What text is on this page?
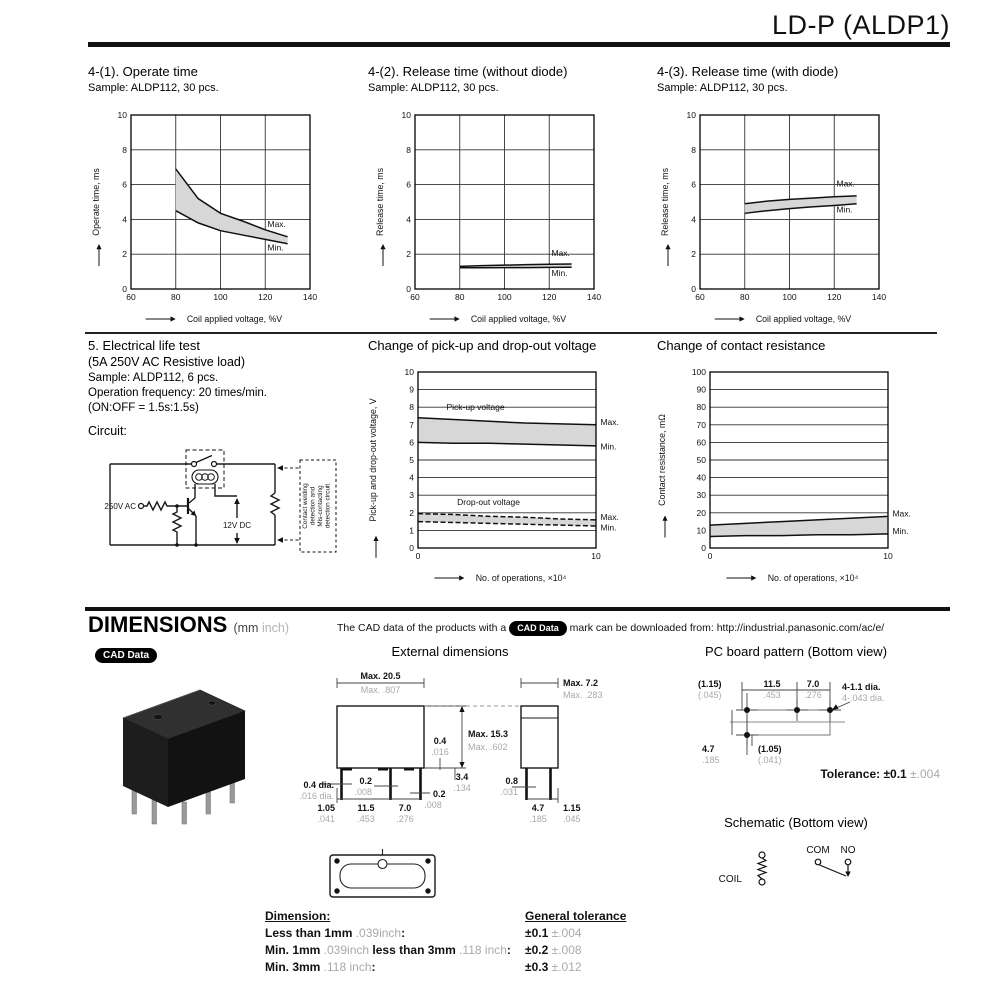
LD-P (ALDP1)
4-(1). Operate time
Sample: ALDP112, 30 pcs.
4-(2). Release time (without diode)
Sample: ALDP112, 30 pcs.
4-(3). Release time (with diode)
Sample: ALDP112, 30 pcs.
60	80	100	120	140
0
2
4
6
8
10
Max.
Min.
Coil applied voltage, %V
Operate time, ms
60	80	100	120	140
0
2
4
6
8
10
Max.
Min.
Coil applied voltage, %V
Release time, ms
60	80	100	120	140
0
2
4
6
8
10
Max.
Min.
Coil applied voltage, %V
Release time, ms
5. Electrical life test
(5A 250V AC Resistive load)
Sample: ALDP112, 6 pcs.
Operation frequency: 20 times/min.
(ON:OFF = 1.5s:1.5s)
Circuit:
250V AC
12V DC	Contact welding detection and Mis-contacting detection circuit
Change of pick-up and drop-out voltage	Change of contact resistance
0	10
0
1
2
3
4
5
6
7
8
9
10
Pick-up voltage
Drop-out voltage
Max.
Min.
Max.
Min.
No. of operations, ×10⁴
Pick-up and drop-out voltage, V
0	10
0
10
20
30
40
50
60
70
80
90
100
Max.
Min.
No. of operations, ×10⁴
Contact resistance, mΩ
DIMENSIONS (mm inch)	The CAD data of the products with a CAD Data mark can be downloaded from: http://industrial.panasonic.com/ac/e/
CAD Data	External dimensions	PC board pattern (Bottom view)
Max. 20.5
Max. .807
Max. 15.3
Max. .602
0.4
.016
3.4
.134
0.4 dia.
.016 dia.
0.2
.008	0.2
.008
1.05
.041
11.5
.453
7.0
.276
Max. 7.2
Max. .283
0.8
.031
4.7
.185
1.15
.045
(1.15)
(.045)
11.5
.453
7.0
.276
4-1.1 dia.
4-.043 dia.
4.7
.185
(1.05)
(.041)
Tolerance: ±0.1 ±.004
Schematic (Bottom view)
COIL
COM NO
Dimension:	General tolerance
Less than 1mm .039inch:	±0.1 ±.004
Min. 1mm .039inch less than 3mm .118 inch:	±0.2 ±.008
Min. 3mm .118 inch:	±0.3 ±.012
